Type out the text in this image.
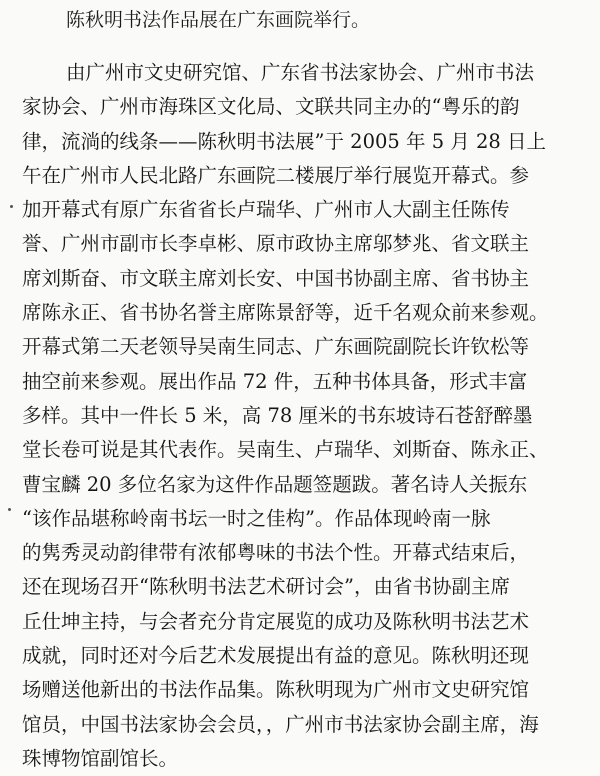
陈秋明书法作品展在广东画院举行。
由广州市文史研究馆、广东省书法家协会、广州市书法
家协会、广州市海珠区文化局、文联共同主办的“粤乐的韵
律，流淌的线条——陈秋明书法展”于 2005 年 5 月 28 日上
午在广州市人民北路广东画院二楼展厅举行展览开幕式。参
加开幕式有原广东省省长卢瑞华、广州市人大副主任陈传
誉、广州市副市长李卓彬、原市政协主席邬梦兆、省文联主
席刘斯奋、市文联主席刘长安、中国书协副主席、省书协主
席陈永正、省书协名誉主席陈景舒等，近千名观众前来参观。
开幕式第二天老领导吴南生同志、广东画院副院长许钦松等
抽空前来参观。展出作品 72 件，五种书体具备，形式丰富
多样。其中一件长 5 米，高 78 厘米的书东坡诗石苍舒醉墨
堂长卷可说是其代表作。吴南生、卢瑞华、刘斯奋、陈永正、
曹宝麟 20 多位名家为这件作品题签题跋。著名诗人关振东
“该作品堪称岭南书坛一时之佳构”。作品体现岭南一脉
的隽秀灵动韵律带有浓郁粤味的书法个性。开幕式结束后，
还在现场召开“陈秋明书法艺术研讨会”，由省书协副主席
丘仕坤主持，与会者充分肯定展览的成功及陈秋明书法艺术
成就，同时还对今后艺术发展提出有益的意见。陈秋明还现
场赠送他新出的书法作品集。陈秋明现为广州市文史研究馆
馆员，中国书法家协会会员，，广州市书法家协会副主席，海
珠博物馆副馆长。
